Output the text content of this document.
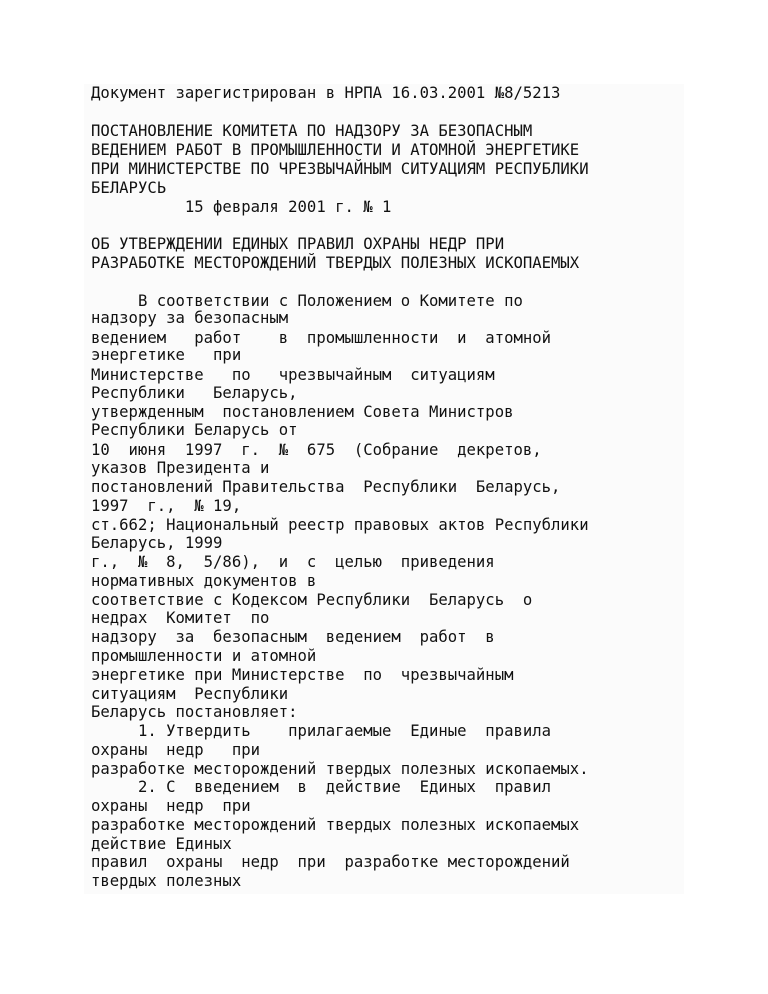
Документ зарегистрирован в НРПА 16.03.2001 №8/5213
ПОСТАНОВЛЕНИЕ КОМИТЕТА ПО НАДЗОРУ ЗА БЕЗОПАСНЫМ
ВЕДЕНИЕМ РАБОТ В ПРОМЫШЛЕННОСТИ И АТОМНОЙ ЭНЕРГЕТИКЕ
ПРИ МИНИСТЕРСТВЕ ПО ЧРЕЗВЫЧАЙНЫМ СИТУАЦИЯМ РЕСПУБЛИКИ
БЕЛАРУСЬ
15 февраля 2001 г. № 1
ОБ УТВЕРЖДЕНИИ ЕДИНЫХ ПРАВИЛ ОХРАНЫ НЕДР ПРИ
РАЗРАБОТКЕ МЕСТОРОЖДЕНИЙ ТВЕРДЫХ ПОЛЕЗНЫХ ИСКОПАЕМЫХ
В соответствии с Положением о Комитете по
надзору за безопасным
ведением   работ    в  промышленности  и  атомной
энергетике   при
Министерстве   по   чрезвычайным  ситуациям
Республики   Беларусь,
утвержденным  постановлением Совета Министров
Республики Беларусь от
10  июня  1997  г.  №  675  (Собрание  декретов,
указов Президента и
постановлений Правительства  Республики  Беларусь,
1997  г.,  № 19,
ст.662; Национальный реестр правовых актов Республики
Беларусь, 1999
г.,  №  8,  5/86),  и  с  целью  приведения
нормативных документов в
соответствие с Кодексом Республики  Беларусь  о
недрах  Комитет  по
надзору  за  безопасным  ведением  работ  в
промышленности и атомной
энергетике при Министерстве  по  чрезвычайным
ситуациям  Республики
Беларусь постановляет:
1. Утвердить    прилагаемые  Единые  правила
охраны  недр   при
разработке месторождений твердых полезных ископаемых.
2. С  введением  в  действие  Единых  правил
охраны  недр  при
разработке месторождений твердых полезных ископаемых
действие Единых
правил  охраны  недр  при  разработке месторождений
твердых полезных
